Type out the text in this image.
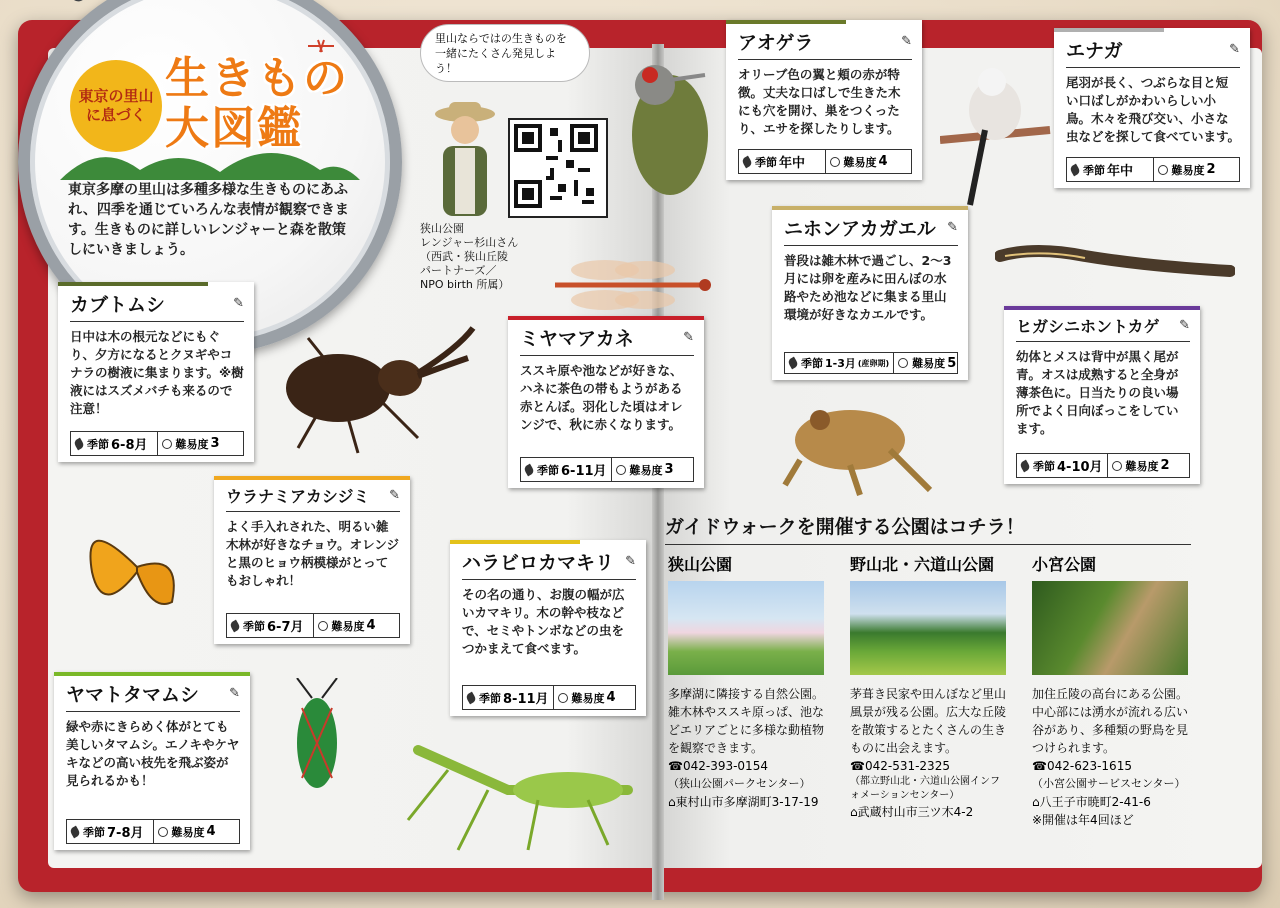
東京の里山に息づく
生きもの
大図鑑
東京多摩の里山は多種多様な生きものにあふれ、四季を通じていろんな表情が観察できます。生きものに詳しいレンジャーと森を散策しにいきましょう。
里山ならではの生きものを一緒にたくさん発見しよう！
狭山公園
レンジャー杉山さん
（西武・狭山丘陵
パートナーズ／
NPO birth 所属）
カブトムシ	✎
日中は木の根元などにもぐり、夕方になるとクヌギやコナラの樹液に集まります。※樹液にはスズメバチも来るので注意！
季節 6-8月	難易度 3
ミヤマアカネ	✎
ススキ原や池などが好きな、ハネに茶色の帯もようがある赤とんぼ。羽化した頃はオレンジで、秋に赤くなります。
季節 6-11月 難易度 3
ウラナミアカシジミ ✎
よく手入れされた、明るい雑木林が好きなチョウ。オレンジと黒のヒョウ柄模様がとってもおしゃれ！
季節 6-7月	難易度 4
ハラビロカマキリ ✎
その名の通り、お腹の幅が広いカマキリ。木の幹や枝などで、セミやトンボなどの虫をつかまえて食べます。
季節 8-11月 難易度 4
ヤマトタマムシ ✎
緑や赤にきらめく体がとても美しいタマムシ。エノキやケヤキなどの高い枝先を飛ぶ姿が見られるかも！
季節 7-8月	難易度 4
アオゲラ	✎
オリーブ色の翼と頬の赤が特徴。丈夫な口ばしで生きた木にも穴を開け、巣をつくったり、エサを探したりします。
季節 年中	難易度 4
エナガ	✎
尾羽が長く、つぶらな目と短い口ばしがかわいらしい小鳥。木々を飛び交い、小さな虫などを探して食べています。
季節 年中	難易度 2
ニホンアカガエル ✎
普段は雑木林で過ごし、2〜3月には卵を産みに田んぼの水路やため池などに集まる里山環境が好きなカエルです。
季節 1-3月 (産卵期) 難易度 5
ヒガシニホントカゲ ✎
幼体とメスは背中が黒く尾が青。オスは成熟すると全身が薄茶色に。日当たりの良い場所でよく日向ぼっこをしています。
季節 4-10月 難易度 2
ガイドウォークを開催する公園はコチラ！
狭山公園
多摩湖に隣接する自然公園。雑木林やススキ原っぱ、池などエリアごとに多様な動植物を観察できます。
☎042-393-0154
（狭山公園パークセンター）
⌂東村山市多摩湖町3-17-19
野山北・六道山公園
茅葺き民家や田んぼなど里山風景が残る公園。広大な丘陵を散策するとたくさんの生きものに出会えます。
☎042-531-2325
（都立野山北・六道山公園インフォメーションセンター）
⌂武蔵村山市三ツ木4-2
小宮公園
加住丘陵の高台にある公園。中心部には湧水が流れる広い谷があり、多種類の野鳥を見つけられます。
☎042-623-1615
（小宮公園サービスセンター）
⌂八王子市暁町2-41-6
※開催は年4回ほど
